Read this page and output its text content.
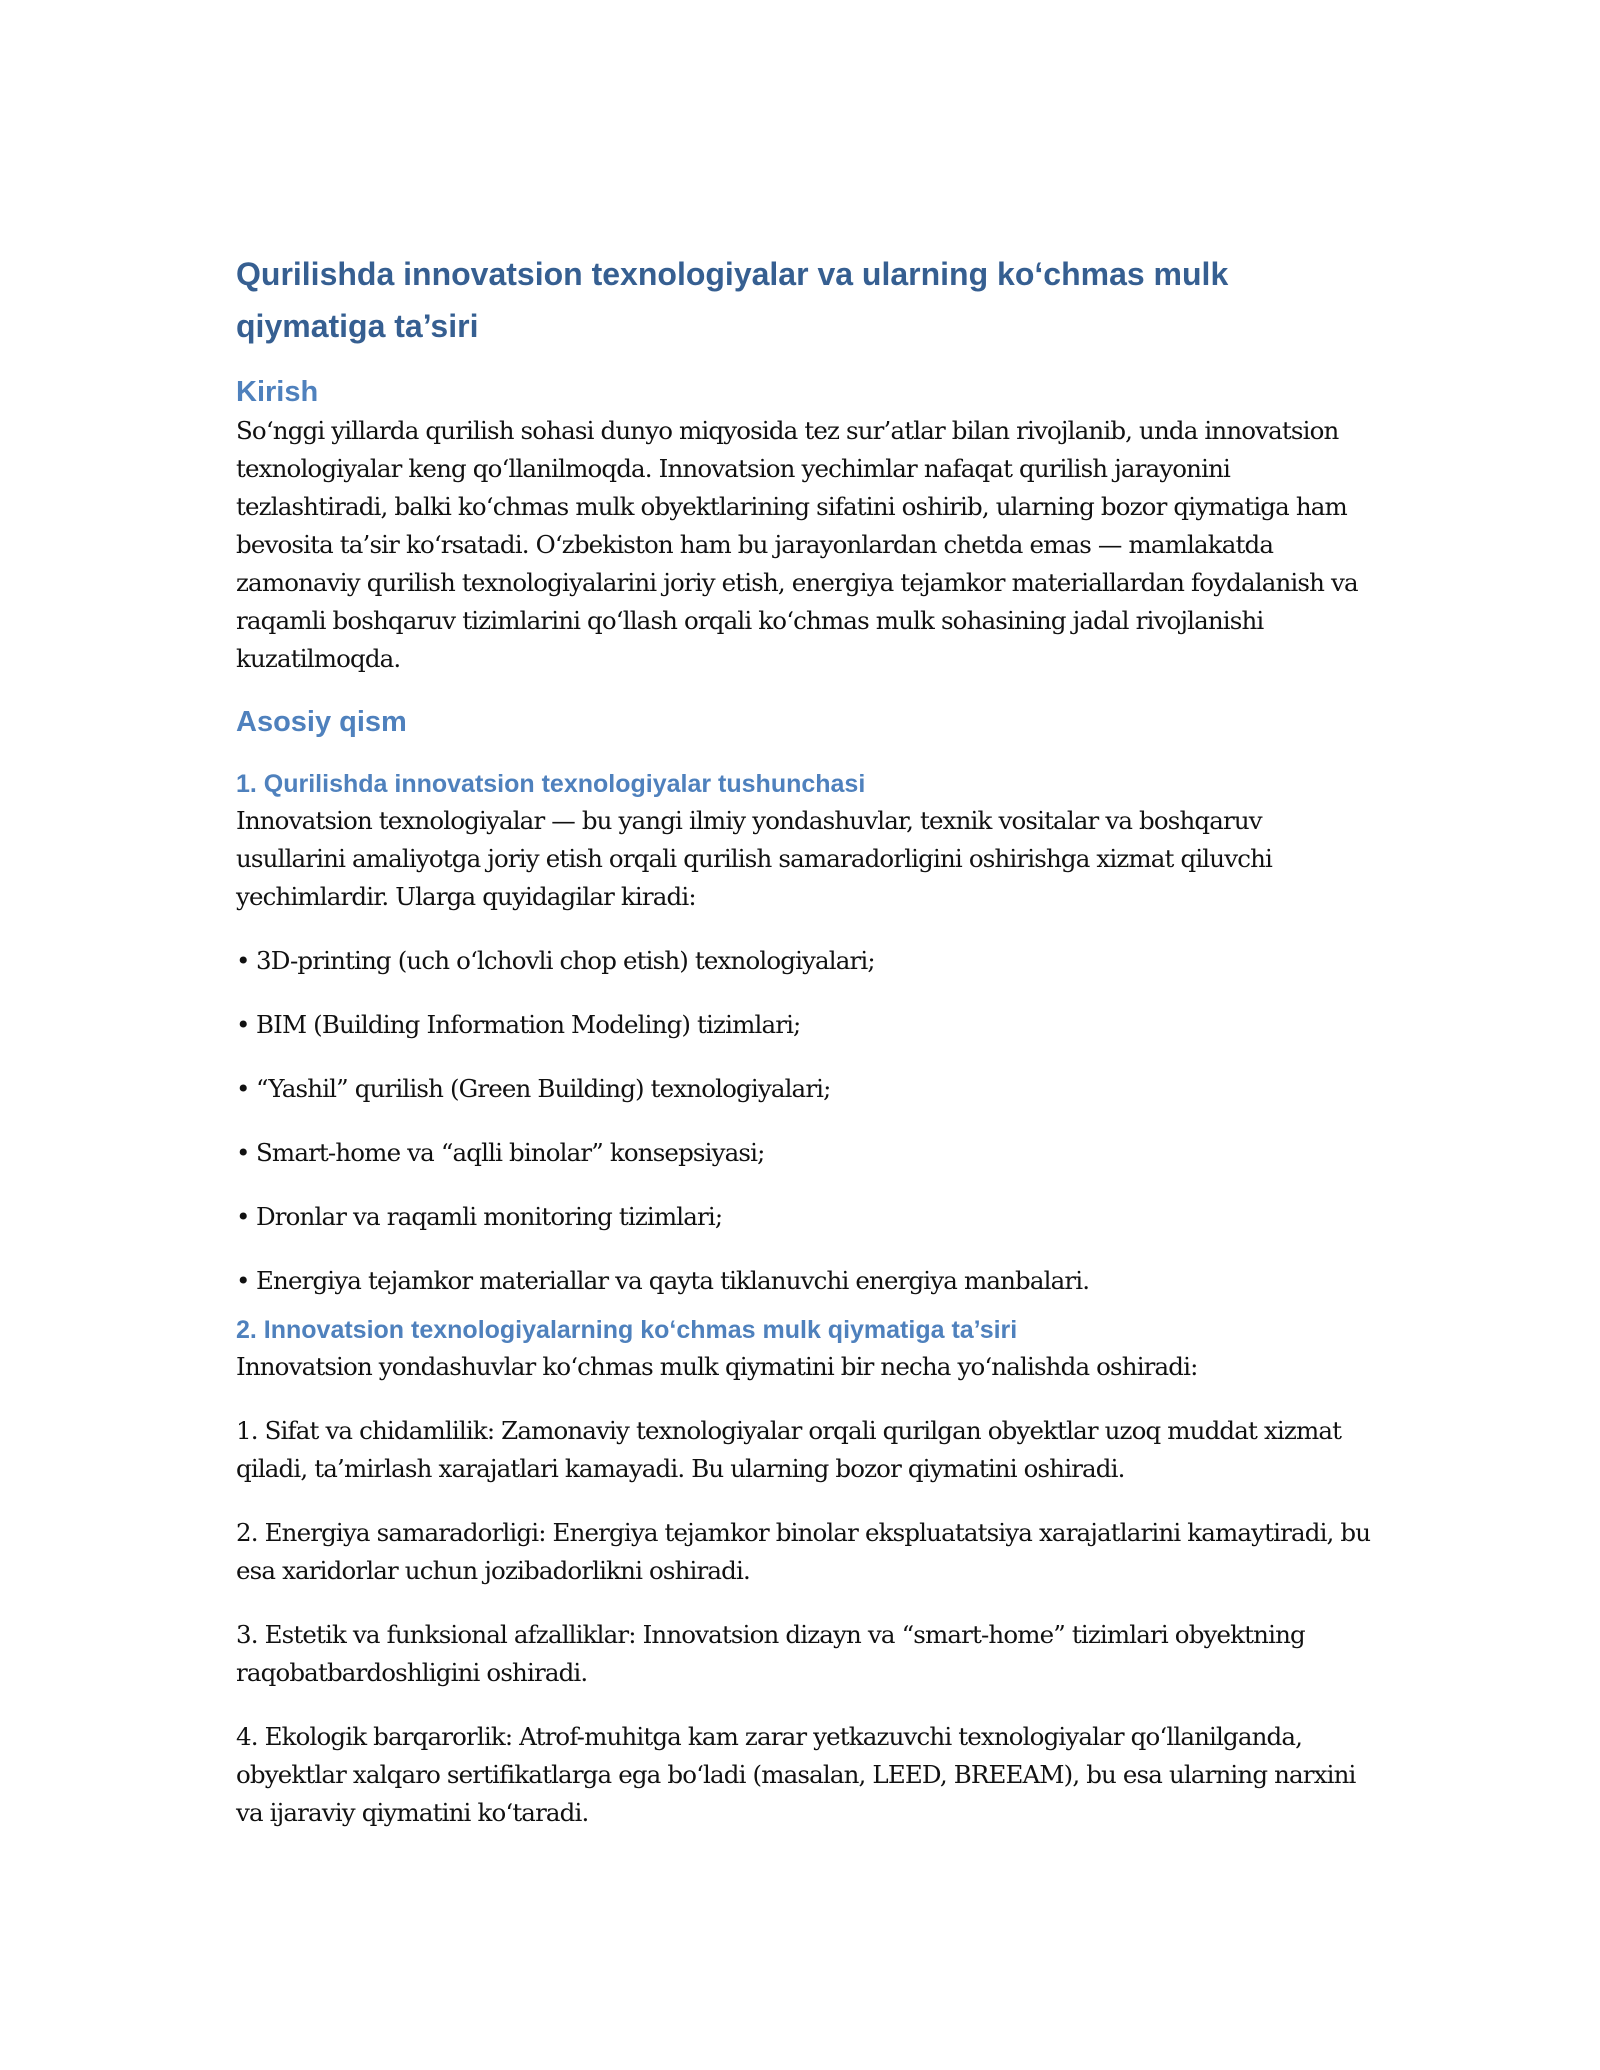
Qurilishda innovatsion texnologiyalar va ularning ko‘chmas mulk qiymatiga ta’siri
Kirish

So‘nggi yillarda qurilish sohasi dunyo miqyosida tez sur’atlar bilan rivojlanib, unda innovatsion texnologiyalar keng qo‘llanilmoqda. Innovatsion yechimlar nafaqat qurilish jarayonini tezlashtiradi, balki ko‘chmas mulk obyektlarining sifatini oshirib, ularning bozor qiymatiga ham bevosita ta’sir ko‘rsatadi. O‘zbekiston ham bu jarayonlardan chetda emas — mamlakatda zamonaviy qurilish texnologiyalarini joriy etish, energiya tejamkor materiallardan foydalanish va raqamli boshqaruv tizimlarini qo‘llash orqali ko‘chmas mulk sohasining jadal rivojlanishi kuzatilmoqda.

Asosiy qism
1. Qurilishda innovatsion texnologiyalar tushunchasi

Innovatsion texnologiyalar — bu yangi ilmiy yondashuvlar, texnik vositalar va boshqaruv usullarini amaliyotga joriy etish orqali qurilish samaradorligini oshirishga xizmat qiluvchi yechimlardir. Ularga quyidagilar kiradi:

• 3D-printing (uch o‘lchovli chop etish) texnologiyalari;

• BIM (Building Information Modeling) tizimlari;

• “Yashil” qurilish (Green Building) texnologiyalari;

• Smart-home va “aqlli binolar” konsepsiyasi;

• Dronlar va raqamli monitoring tizimlari;

• Energiya tejamkor materiallar va qayta tiklanuvchi energiya manbalari.

2. Innovatsion texnologiyalarning ko‘chmas mulk qiymatiga ta’siri

Innovatsion yondashuvlar ko‘chmas mulk qiymatini bir necha yo‘nalishda oshiradi:

1. Sifat va chidamlilik: Zamonaviy texnologiyalar orqali qurilgan obyektlar uzoq muddat xizmat qiladi, ta’mirlash xarajatlari kamayadi. Bu ularning bozor qiymatini oshiradi.

2. Energiya samaradorligi: Energiya tejamkor binolar ekspluatatsiya xarajatlarini kamaytiradi, bu esa xaridorlar uchun jozibadorlikni oshiradi.

3. Estetik va funksional afzalliklar: Innovatsion dizayn va “smart-home” tizimlari obyektning raqobatbardoshligini oshiradi.

4. Ekologik barqarorlik: Atrof-muhitga kam zarar yetkazuvchi texnologiyalar qo‘llanilganda, obyektlar xalqaro sertifikatlarga ega bo‘ladi (masalan, LEED, BREEAM), bu esa ularning narxini va ijaraviy qiymatini ko‘taradi.
